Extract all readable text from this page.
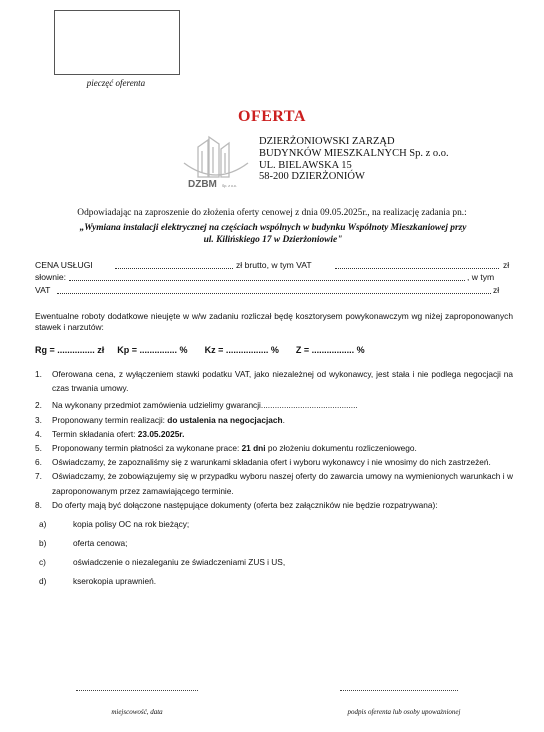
pieczęć oferenta
OFERTA
DZBM Sp. z o.o.
DZIERŻONIOWSKI ZARZĄD
BUDYNKÓW MIESZKALNYCH Sp. z o.o.
UL. BIELAWSKA 15
58-200 DZIERŻONIÓW
Odpowiadając na zaproszenie do złożenia oferty cenowej z dnia 09.05.2025r., na realizację zadania pn.:
„Wymiana instalacji elektrycznej na częściach wspólnych w budynku Wspólnoty Mieszkaniowej przy
ul. Kilińskiego 17 w Dzierżoniowie"
CENA USŁUGI	zł brutto, w tym VAT	zł
słownie:	, w tym
VAT	zł
Ewentualne roboty dodatkowe nieujęte w w/w zadaniu rozliczał będę kosztorysem powykonawczym wg niżej zaproponowanych stawek i narzutów:
Rg = ............... zł Kp = ............... % Kz = ................. % Z = ................. %
1. Oferowana cena, z wyłączeniem stawki podatku VAT, jako niezależnej od wykonawcy, jest stała i nie podlega negocjacji na czas trwania umowy.
2. Na wykonany przedmiot zamówienia udzielimy gwarancji..........................................
3. Proponowany termin realizacji: do ustalenia na negocjacjach.
4. Termin składania ofert: 23.05.2025r.
5. Proponowany termin płatności za wykonane prace: 21 dni po złożeniu dokumentu rozliczeniowego.
6. Oświadczamy, że zapoznaliśmy się z warunkami składania ofert i wyboru wykonawcy i nie wnosimy do nich zastrzeżeń.
7. Oświadczamy, że zobowiązujemy się w przypadku wyboru naszej oferty do zawarcia umowy na wymienionych warunkach i w zaproponowanym przez zamawiającego terminie.
8. Do oferty mają być dołączone następujące dokumenty (oferta bez załączników nie będzie rozpatrywana):
a)	kopia polisy OC na rok bieżący;
b)	oferta cenowa;
c)	oświadczenie o niezaleganiu ze świadczeniami ZUS i US,
d)	kserokopia uprawnień.
miejscowość, data	podpis oferenta lub osoby upoważnionej
